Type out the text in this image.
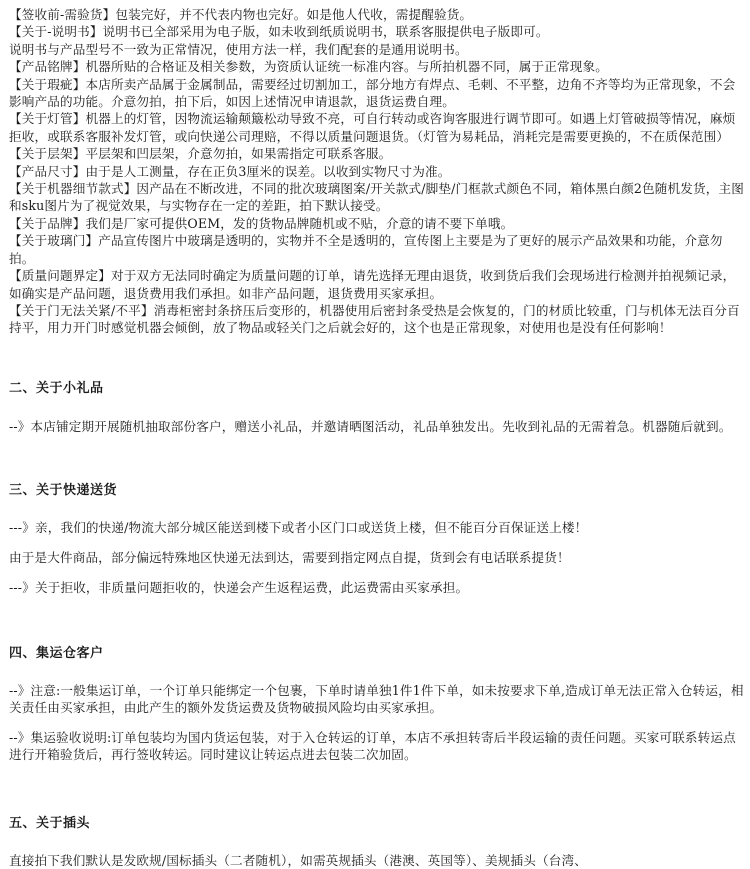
【签收前-需验货】包装完好，并不代表内物也完好。如是他人代收，需提醒验货。

【关于-说明书】说明书已全部采用为电子版，如未收到纸质说明书，联系客服提供电子版即可。

说明书与产品型号不一致为正常情况，使用方法一样，我们配套的是通用说明书。

【产品铭牌】机器所贴的合格证及相关参数，为资质认证统一标准内容。与所拍机器不同，属于正常现象。

【关于瑕疵】本店所卖产品属于金属制品，需要经过切割加工，部分地方有焊点、毛刺、不平整，边角不齐等均为正常现象，不会影响产品的功能。介意勿拍，拍下后，如因上述情况申请退款，退货运费自理。

【关于灯管】机器上的灯管，因物流运输颠簸松动导致不亮，可自行转动或咨询客服进行调节即可。如遇上灯管破损等情况，麻烦拒收，或联系客服补发灯管，或向快递公司理赔，不得以质量问题退货。（灯管为易耗品，消耗完是需要更换的，不在质保范围）

【关于层架】平层架和凹层架，介意勿拍，如果需指定可联系客服。

【产品尺寸】由于是人工测量，存在正负3厘米的误差。以收到实物尺寸为准。

【关于机器细节款式】因产品在不断改进，不同的批次玻璃图案/开关款式/脚垫/门框款式颜色不同，箱体黑白颜2色随机发货，主图和sku图片为了视觉效果，与实物存在一定的差距，拍下默认接受。

【关于品牌】我们是厂家可提供OEM，发的货物品牌随机或不贴，介意的请不要下单哦。

【关于玻璃门】产品宣传图片中玻璃是透明的，实物并不全是透明的，宣传图上主要是为了更好的展示产品效果和功能，介意勿拍。

【质量问题界定】对于双方无法同时确定为质量问题的订单，请先选择无理由退货，收到货后我们会现场进行检测并拍视频记录，如确实是产品问题，退货费用我们承担。如非产品问题，退货费用买家承担。

【关于门无法关紧/不平】消毒柜密封条挤压后变形的，机器使用后密封条受热是会恢复的，门的材质比较重，门与机体无法百分百持平，用力开门时感觉机器会倾倒，放了物品或轻关门之后就会好的，这个也是正常现象，对使用也是没有任何影响！

二、关于小礼品

--》本店铺定期开展随机抽取部份客户，赠送小礼品，并邀请晒图活动，礼品单独发出。先收到礼品的无需着急。机器随后就到。

三、关于快递送货

---》亲，我们的快递/物流大部分城区能送到楼下或者小区门口或送货上楼，但不能百分百保证送上楼！

由于是大件商品，部分偏远特殊地区快递无法到达，需要到指定网点自提，货到会有电话联系提货！

---》关于拒收，非质量问题拒收的，快递会产生返程运费，此运费需由买家承担。

四、集运仓客户

--》注意:一般集运订单，一个订单只能绑定一个包裹，下单时请单独1件1件下单，如未按要求下单,造成订单无法正常入仓转运，相关责任由买家承担，由此产生的额外发货运费及货物破损风险均由买家承担。

--》集运验收说明:订单包装均为国内货运包装，对于入仓转运的订单，本店不承担转寄后半段运输的责任问题。买家可联系转运点进行开箱验货后，再行签收转运。同时建议让转运点进去包装二次加固。

五、关于插头

直接拍下我们默认是发欧规/国标插头（二者随机），如需英规插头（港澳、英国等）、美规插头（台湾、
